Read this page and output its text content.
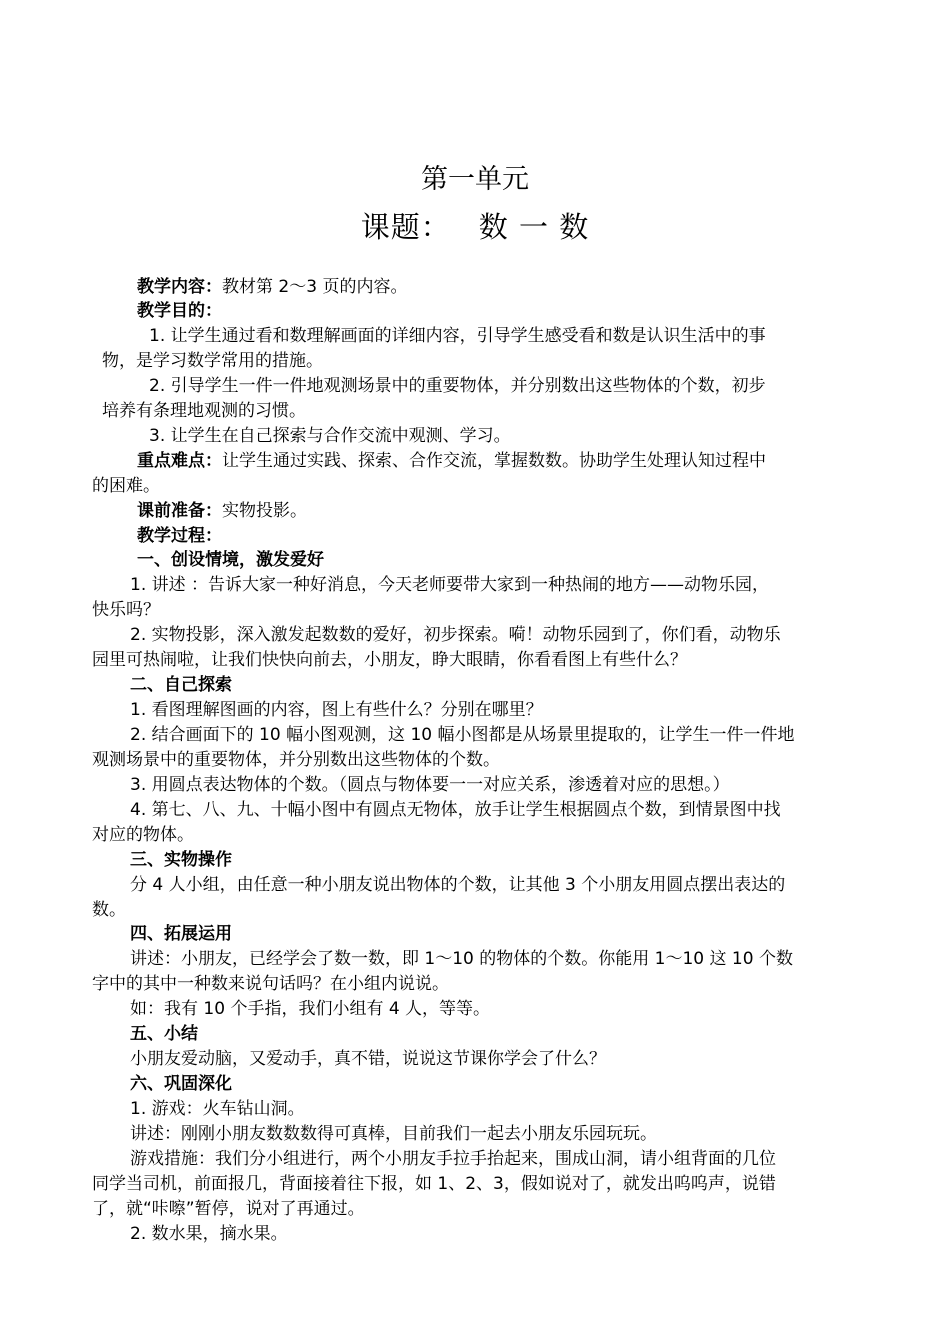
第一单元
课题： 数 一 数
教学内容：教材第 2～3 页的内容。
教学目的：
1. 让学生通过看和数理解画面的详细内容，引导学生感受看和数是认识生活中的事
物，是学习数学常用的措施。
2. 引导学生一件一件地观测场景中的重要物体，并分别数出这些物体的个数，初步
培养有条理地观测的习惯。
3. 让学生在自己探索与合作交流中观测、学习。
重点难点：让学生通过实践、探索、合作交流，掌握数数。协助学生处理认知过程中
的困难。
课前准备：实物投影。
教学过程：
一、创设情境，激发爱好
1. 讲述 ：告诉大家一种好消息，今天老师要带大家到一种热闹的地方——动物乐园，
快乐吗？
2. 实物投影，深入激发起数数的爱好，初步探索。嗬！动物乐园到了，你们看，动物乐
园里可热闹啦，让我们快快向前去，小朋友，睁大眼睛，你看看图上有些什么？
二、自己探索
1. 看图理解图画的内容，图上有些什么？分别在哪里？
2. 结合画面下的 10 幅小图观测，这 10 幅小图都是从场景里提取的，让学生一件一件地
观测场景中的重要物体，并分别数出这些物体的个数。
3. 用圆点表达物体的个数。（圆点与物体要一一对应关系，渗透着对应的思想。）
4. 第七、八、九、十幅小图中有圆点无物体，放手让学生根据圆点个数，到情景图中找
对应的物体。
三、实物操作
分 4 人小组，由任意一种小朋友说出物体的个数，让其他 3 个小朋友用圆点摆出表达的
数。
四、拓展运用
讲述：小朋友，已经学会了数一数，即 1～10 的物体的个数。你能用 1～10 这 10 个数
字中的其中一种数来说句话吗？在小组内说说。
如：我有 10 个手指，我们小组有 4 人，等等。
五、小结
小朋友爱动脑，又爱动手，真不错，说说这节课你学会了什么？
六、巩固深化
1. 游戏：火车钻山洞。
讲述：刚刚小朋友数数数得可真棒，目前我们一起去小朋友乐园玩玩。
游戏措施：我们分小组进行，两个小朋友手拉手抬起来，围成山洞，请小组背面的几位
同学当司机，前面报几，背面接着往下报，如 1、2、3，假如说对了，就发出呜呜声，说错
了，就“咔嚓”暂停，说对了再通过。
2. 数水果，摘水果。
